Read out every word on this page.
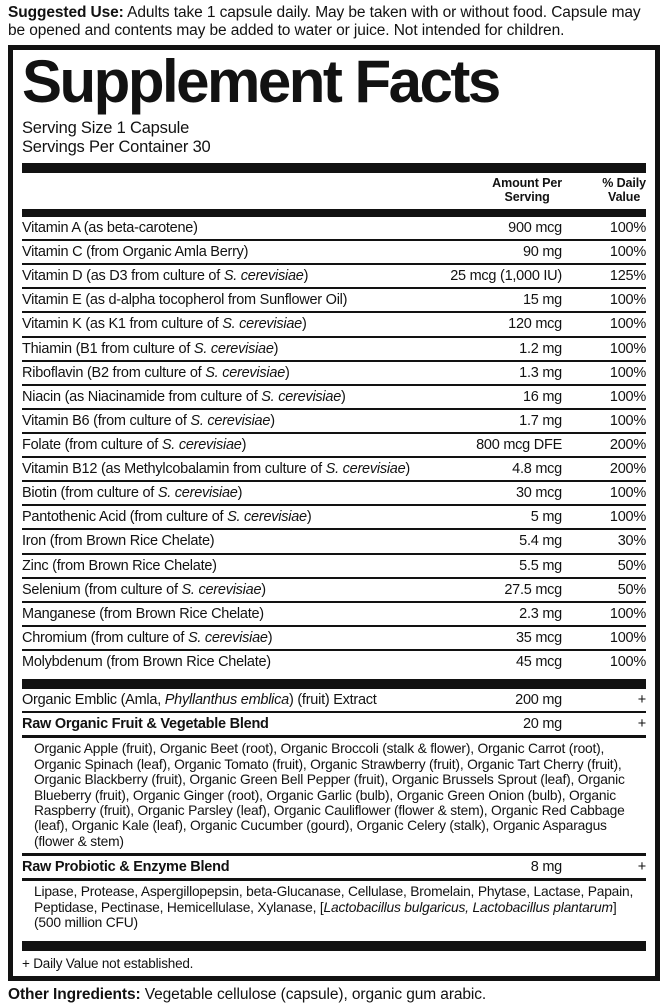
Suggested Use: Adults take 1 capsule daily. May be taken with or without food. Capsule may be opened and contents may be added to water or juice. Not intended for children.

Supplement Facts
Serving Size 1 Capsule
Servings Per Container 30
Amount Per
Serving
% Daily
Value
Vitamin A (as beta-carotene)	900 mcg	100%
Vitamin C (from Organic Amla Berry)	90 mg	100%
Vitamin D (as D3 from culture of S. cerevisiae)	25 mcg (1,000 IU)	125%
Vitamin E (as d-alpha tocopherol from Sunflower Oil)	15 mg	100%
Vitamin K (as K1 from culture of S. cerevisiae)	120 mcg	100%
Thiamin (B1 from culture of S. cerevisiae)	1.2 mg	100%
Riboflavin (B2 from culture of S. cerevisiae)	1.3 mg	100%
Niacin (as Niacinamide from culture of S. cerevisiae)	16 mg	100%
Vitamin B6 (from culture of S. cerevisiae)	1.7 mg	100%
Folate (from culture of S. cerevisiae)	800 mcg DFE	200%
Vitamin B12 (as Methylcobalamin from culture of S. cerevisiae)	4.8 mcg	200%
Biotin (from culture of S. cerevisiae)	30 mcg	100%
Pantothenic Acid (from culture of S. cerevisiae)	5 mg	100%
Iron (from Brown Rice Chelate)	5.4 mg	30%
Zinc (from Brown Rice Chelate)	5.5 mg	50%
Selenium (from culture of S. cerevisiae)	27.5 mcg	50%
Manganese (from Brown Rice Chelate)	2.3 mg	100%
Chromium (from culture of S. cerevisiae)	35 mcg	100%
Molybdenum (from Brown Rice Chelate)	45 mcg	100%
Organic Emblic (Amla, Phyllanthus emblica) (fruit) Extract	200 mg	+
Raw Organic Fruit & Vegetable Blend	20 mg	+
Organic Apple (fruit), Organic Beet (root), Organic Broccoli (stalk & flower), Organic Carrot (root), Organic Spinach (leaf), Organic Tomato (fruit), Organic Strawberry (fruit), Organic Tart Cherry (fruit), Organic Blackberry (fruit), Organic Green Bell Pepper (fruit), Organic Brussels Sprout (leaf), Organic Blueberry (fruit), Organic Ginger (root), Organic Garlic (bulb), Organic Green Onion (bulb), Organic Raspberry (fruit), Organic Parsley (leaf), Organic Cauliflower (flower & stem), Organic Red Cabbage (leaf), Organic Kale (leaf), Organic Cucumber (gourd), Organic Celery (stalk), Organic Asparagus (flower & stem)
Raw Probiotic & Enzyme Blend	8 mg	+
Lipase, Protease, Aspergillopepsin, beta-Glucanase, Cellulase, Bromelain, Phytase, Lactase, Papain, Peptidase, Pectinase, Hemicellulase, Xylanase, [Lactobacillus bulgaricus, Lactobacillus plantarum] (500 million CFU)
+ Daily Value not established.

Other Ingredients: Vegetable cellulose (capsule), organic gum arabic.
